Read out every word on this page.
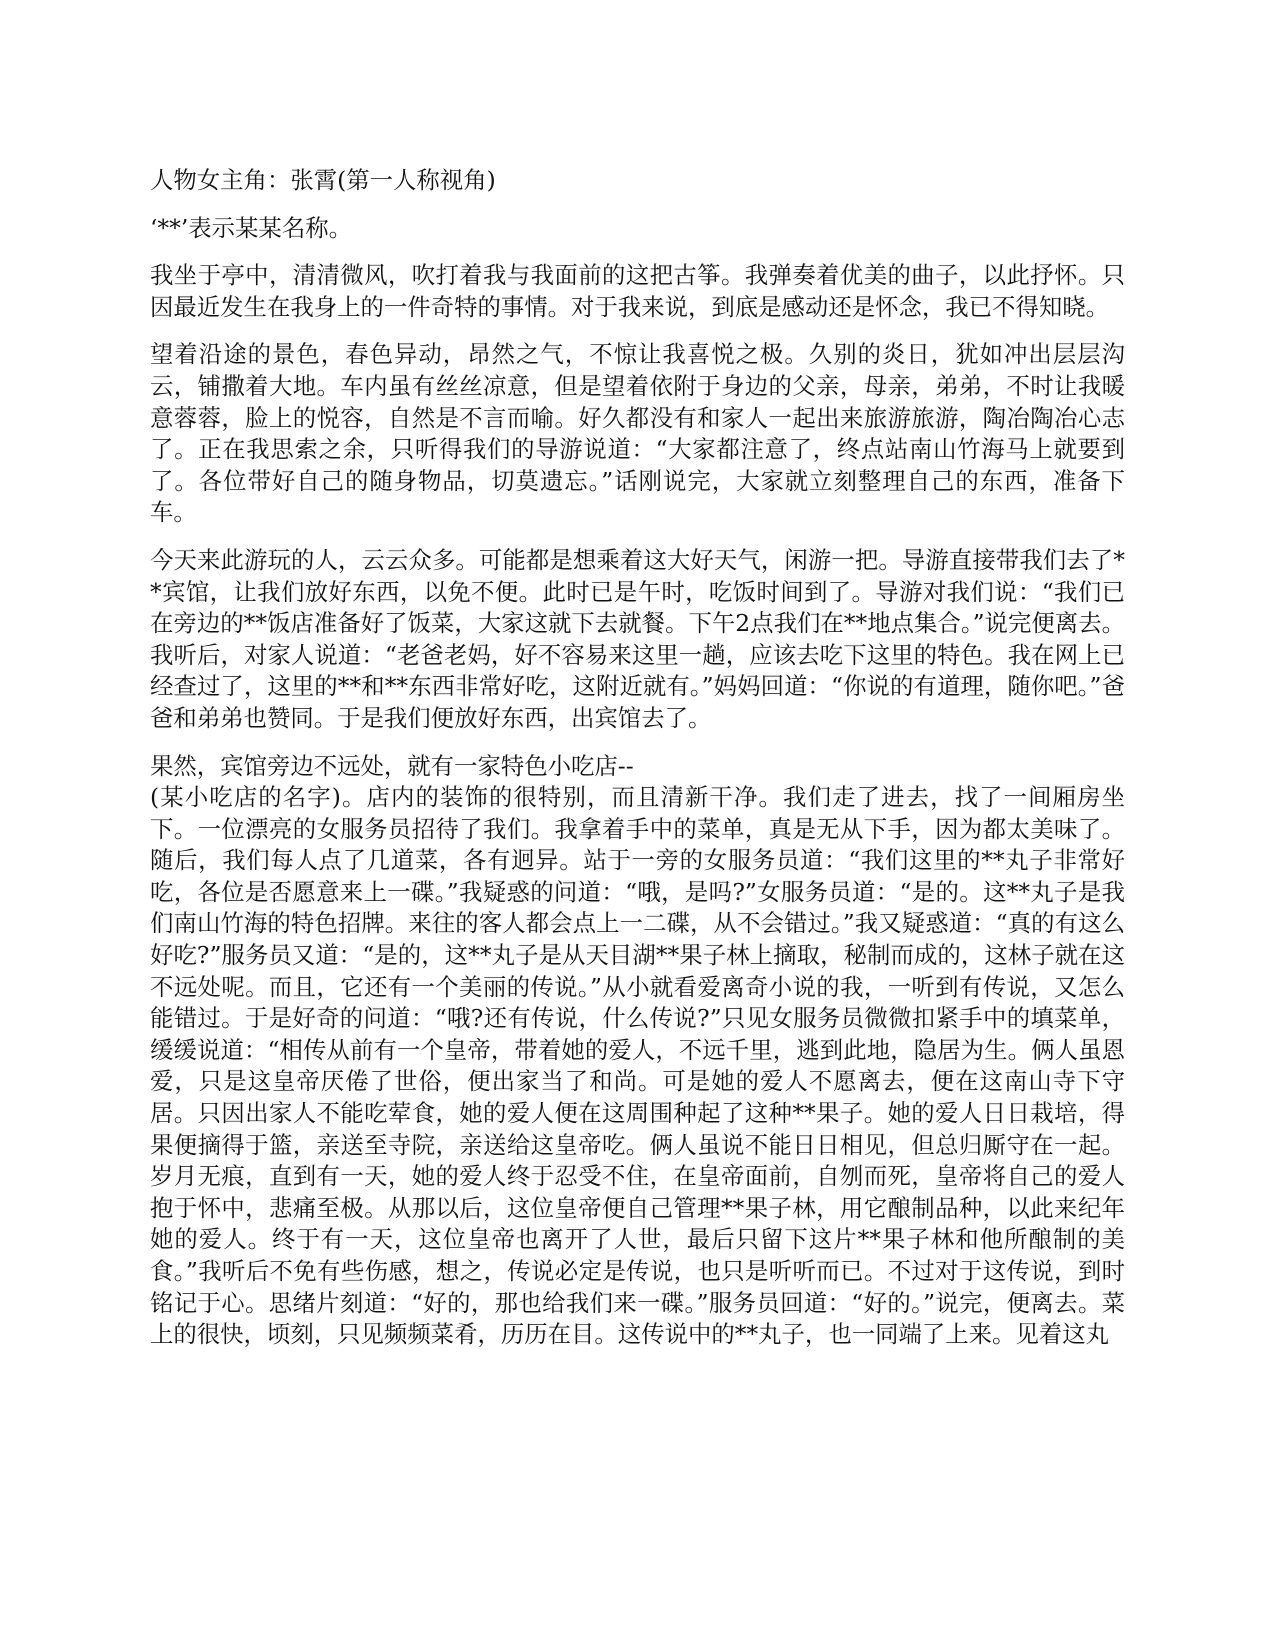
人物女主角：张霄(第一人称视角)

‘**’表示某某名称。

我坐于亭中，清清微风，吹打着我与我面前的这把古筝。我弹奏着优美的曲子，以此抒怀。只因最近发生在我身上的一件奇特的事情。对于我来说，到底是感动还是怀念，我已不得知晓。

望着沿途的景色，春色异动，昂然之气，不惊让我喜悦之极。久别的炎日，犹如冲出层层沟云，铺撒着大地。车内虽有丝丝凉意，但是望着依附于身边的父亲，母亲，弟弟，不时让我暖意蓉蓉，脸上的悦容，自然是不言而喻。好久都没有和家人一起出来旅游旅游，陶冶陶冶心志了。正在我思索之余，只听得我们的导游说道：“大家都注意了，终点站南山竹海马上就要到了。各位带好自己的随身物品，切莫遗忘。”话刚说完，大家就立刻整理自己的东西，准备下车。

今天来此游玩的人，云云众多。可能都是想乘着这大好天气，闲游一把。导游直接带我们去了**宾馆，让我们放好东西，以免不便。此时已是午时，吃饭时间到了。导游对我们说：“我们已在旁边的**饭店准备好了饭菜，大家这就下去就餐。下午2点我们在**地点集合。”说完便离去。我听后，对家人说道：“老爸老妈，好不容易来这里一趟，应该去吃下这里的特色。我在网上已经查过了，这里的**和**东西非常好吃，这附近就有。”妈妈回道：“你说的有道理，随你吧。”爸爸和弟弟也赞同。于是我们便放好东西，出宾馆去了。

果然，宾馆旁边不远处，就有一家特色小吃店--

(某小吃店的名字)。店内的装饰的很特别，而且清新干净。我们走了进去，找了一间厢房坐下。一位漂亮的女服务员招待了我们。我拿着手中的菜单，真是无从下手，因为都太美味了。随后，我们每人点了几道菜，各有迥异。站于一旁的女服务员道：“我们这里的**丸子非常好吃，各位是否愿意来上一碟。”我疑惑的问道：“哦，是吗?”女服务员道：“是的。这**丸子是我们南山竹海的特色招牌。来往的客人都会点上一二碟，从不会错过。”我又疑惑道：“真的有这么好吃?”服务员又道：“是的，这**丸子是从天目湖**果子林上摘取，秘制而成的，这林子就在这不远处呢。而且，它还有一个美丽的传说。”从小就看爱离奇小说的我，一听到有传说，又怎么能错过。于是好奇的问道：“哦?还有传说，什么传说?”只见女服务员微微扣紧手中的填菜单，缓缓说道：“相传从前有一个皇帝，带着她的爱人，不远千里，逃到此地，隐居为生。俩人虽恩爱，只是这皇帝厌倦了世俗，便出家当了和尚。可是她的爱人不愿离去，便在这南山寺下守居。只因出家人不能吃荤食，她的爱人便在这周围种起了这种**果子。她的爱人日日栽培，得果便摘得于篮，亲送至寺院，亲送给这皇帝吃。俩人虽说不能日日相见，但总归厮守在一起。岁月无痕，直到有一天，她的爱人终于忍受不住，在皇帝面前，自刎而死，皇帝将自己的爱人抱于怀中，悲痛至极。从那以后，这位皇帝便自己管理**果子林，用它酿制品种，以此来纪年她的爱人。终于有一天，这位皇帝也离开了人世，最后只留下这片**果子林和他所酿制的美食。”我听后不免有些伤感，想之，传说必定是传说，也只是听听而已。不过对于这传说，到时铭记于心。思绪片刻道：“好的，那也给我们来一碟。”服务员回道：“好的。”说完，便离去。菜上的很快，顷刻，只见频频菜肴，历历在目。这传说中的**丸子，也一同端了上来。见着这丸
